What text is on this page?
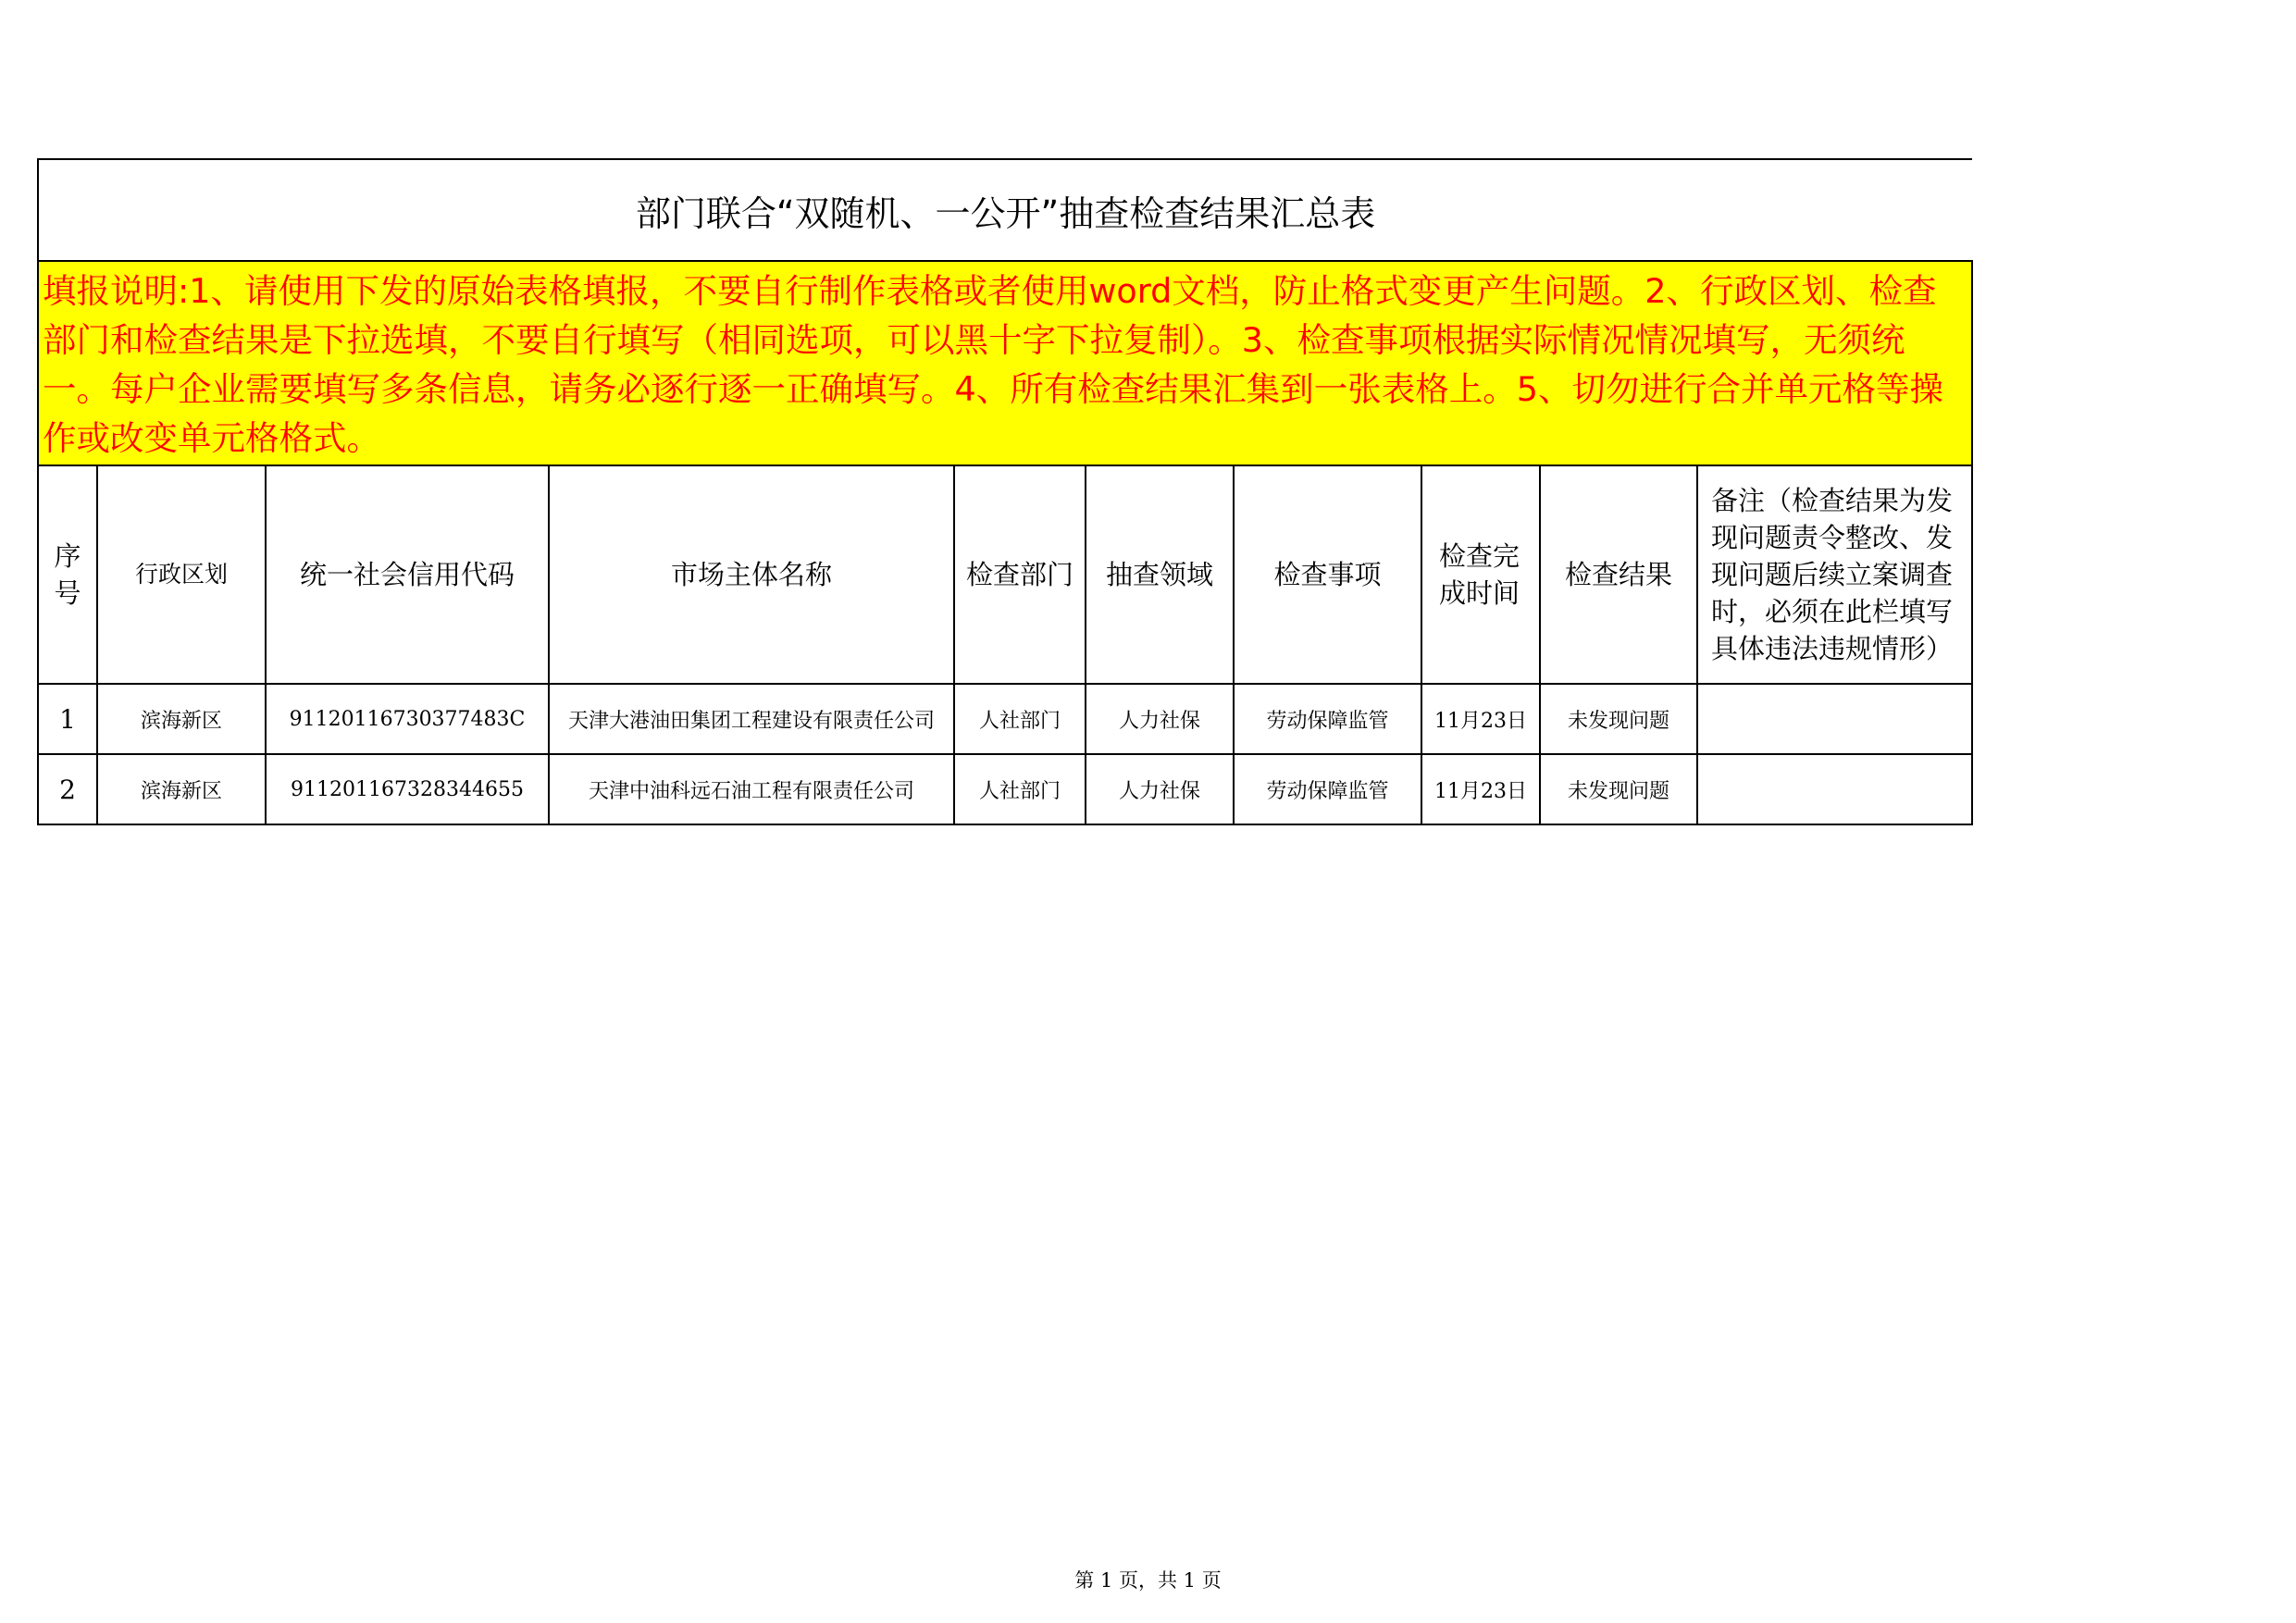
部门联合“双随机、一公开”抽查检查结果汇总表									
填报说明:1、请使用下发的原始表格填报，不要自行制作表格或者使用word文档，防止格式变更产生问题。2、行政区划、检查部门和检查结果是下拉选填，不要自行填写（相同选项，可以黑十字下拉复制）。3、检查事项根据实际情况情况填写，无须统一。每户企业需要填写多条信息，请务必逐行逐一正确填写。4、所有检查结果汇集到一张表格上。5、切勿进行合并单元格等操作或改变单元格格式。									

序号	行政区划	统一社会信用代码	市场主体名称	检查部门	抽查领域	检查事项	检查完成时间	检查结果	备注（检查结果为发现问题责令整改、发现问题后续立案调查时，必须在此栏填写具体违法违规情形）
1	滨海新区	91120116730377483C	天津大港油田集团工程建设有限责任公司	人社部门	人力社保	劳动保障监管	11月23日	未发现问题	
2	滨海新区	911201167328344655	天津中油科远石油工程有限责任公司	人社部门	人力社保	劳动保障监管	11月23日	未发现问题	
第 1 页，共 1 页
